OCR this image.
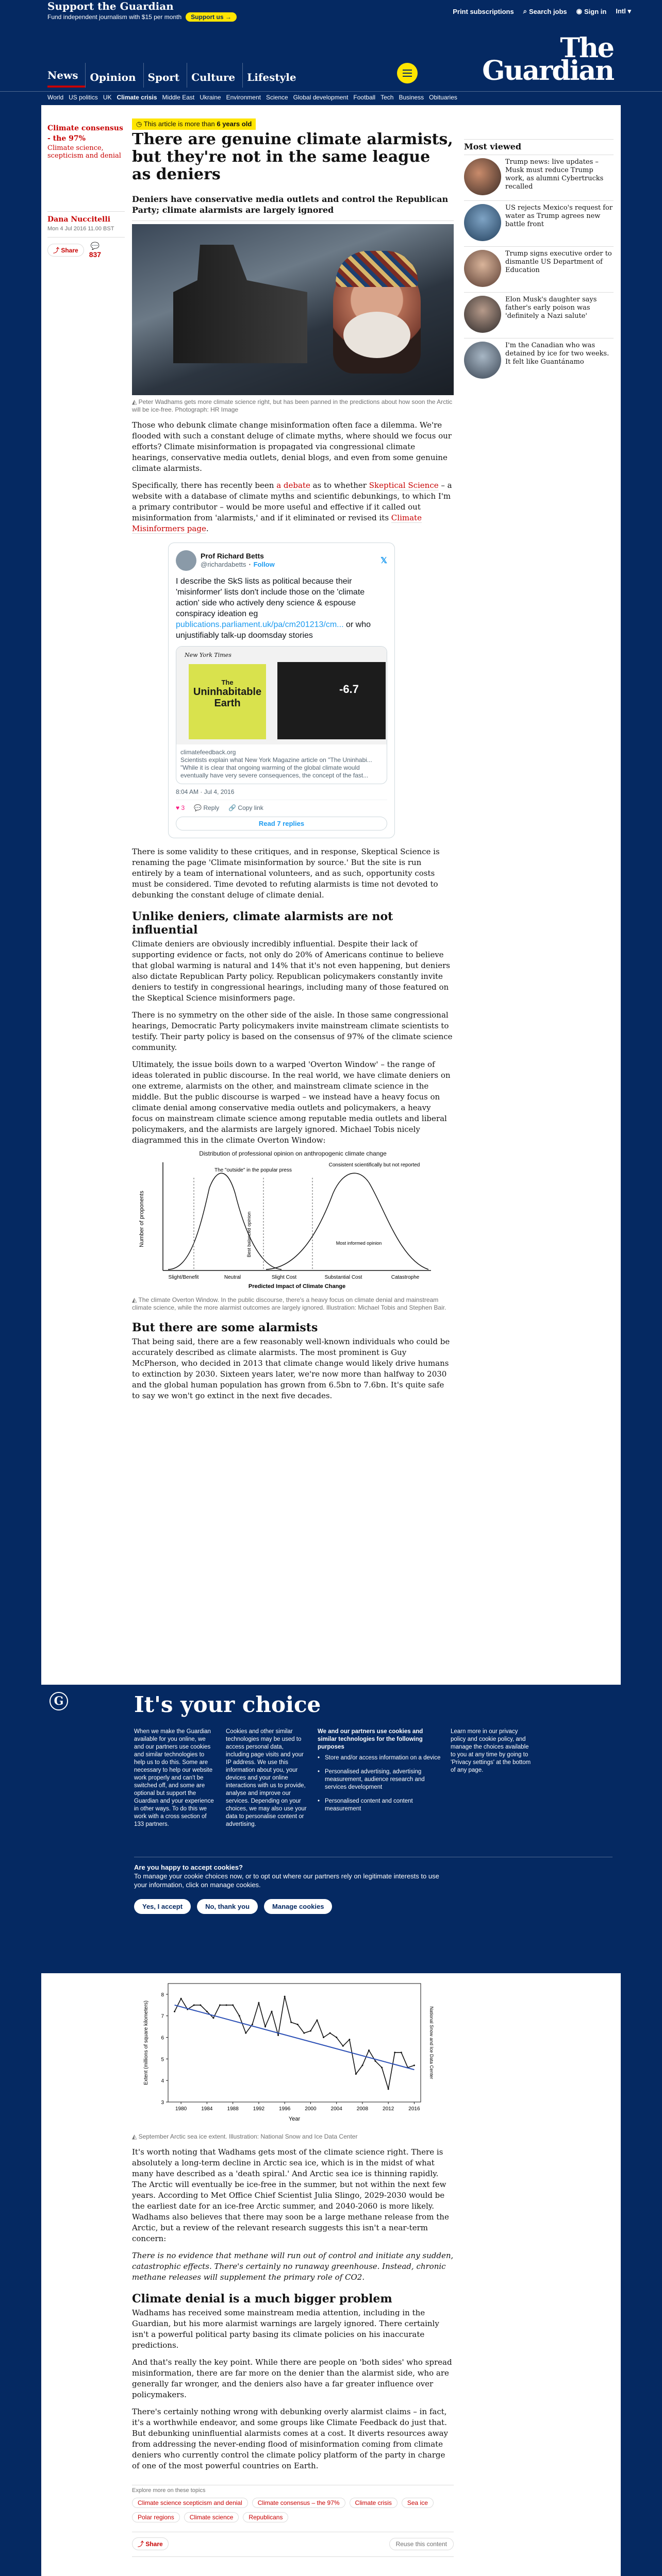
Support the Guardian

Fund independent journalism with $15 per month Support us →

Print subscriptions ⌕ Search jobs ◉ Sign in Intl ▾
The
Guardian
News	Opinion	Sport	Culture	Lifestyle
World US politics UK Climate crisis Middle East Ukraine Environment Science Global development Football Tech Business Obituaries
Climate consensus - the 97%
Climate science, scepticism and denial
Dana Nuccitelli
Mon 4 Jul 2016 11.00 BST
⤴ Share
💬
837
◷ This article is more than 6 years old
There are genuine climate alarmists, but they're not in the same league as deniers
Deniers have conservative media outlets and control the Republican Party; climate alarmists are largely ignored
◭ Peter Wadhams gets more climate science right, but has been panned in the predictions about how soon the Arctic will be ice-free. Photograph: HR Image

Those who debunk climate change misinformation often face a dilemma. We're flooded with such a constant deluge of climate myths, where should we focus our efforts? Climate misinformation is propagated via congressional climate hearings, conservative media outlets, denial blogs, and even from some genuine climate alarmists.

Specifically, there has recently been a debate as to whether Skeptical Science – a website with a database of climate myths and scientific debunkings, to which I'm a primary contributor – would be more useful and effective if it called out misinformation from 'alarmists,' and if it eliminated or revised its Climate Misinformers page.

Prof Richard Betts
@richardabetts · Follow	𝕏
I describe the SkS lists as political because their 'misinformer' lists don't include those on the 'climate action' side who actively deny science & espouse conspiracy ideation eg publications.parliament.uk/pa/cm201213/cm... or who unjustifiably talk-up doomsday stories
New York Times
The
Uninhabitable Earth
-6.7
climatefeedback.org
Scientists explain what New York Magazine article on "The Uninhabi...
"While it is clear that ongoing warming of the global climate would eventually have very severe consequences, the concept of the fast...
8:04 AM · Jul 4, 2016
♥ 3 💬 Reply 🔗 Copy link
Read 7 replies

There is some validity to these critiques, and in response, Skeptical Science is renaming the page 'Climate misinformation by source.' But the site is run entirely by a team of international volunteers, and as such, opportunity costs must be considered. Time devoted to refuting alarmists is time not devoted to debunking the constant deluge of climate denial.

Unlike deniers, climate alarmists are not influential

Climate deniers are obviously incredibly influential. Despite their lack of supporting evidence or facts, not only do 20% of Americans continue to believe that global warming is natural and 14% that it's not even happening, but deniers also dictate Republican Party policy. Republican policymakers constantly invite deniers to testify in congressional hearings, including many of those featured on the Skeptical Science misinformers page.

There is no symmetry on the other side of the aisle. In those same congressional hearings, Democratic Party policymakers invite mainstream climate scientists to testify. Their party policy is based on the consensus of 97% of the climate science community.

Ultimately, the issue boils down to a warped 'Overton Window' – the range of ideas tolerated in public discourse. In the real world, we have climate deniers on one extreme, alarmists on the other, and mainstream climate science in the middle. But the public discourse is warped – we instead have a heavy focus on climate denial among conservative media outlets and policymakers, a heavy focus on mainstream climate science among reputable media outlets and liberal policymakers, and the alarmists are largely ignored. Michael Tobis nicely diagrammed this in the climate Overton Window:

Distribution of professional opinion on anthropogenic climate change
Number of proponents
The "outside" in the popular press
Consistent scientifically but not reported
Best balanced opinion	Most informed opinion
Slight/Benefit	Neutral	Slight Cost	Substantial Cost	Catastrophe
Predicted Impact of Climate Change
◭ The climate Overton Window. In the public discourse, there's a heavy focus on climate denial and mainstream climate science, while the more alarmist outcomes are largely ignored. Illustration: Michael Tobis and Stephen Bair.
But there are some alarmists

That being said, there are a few reasonably well-known individuals who could be accurately described as climate alarmists. The most prominent is Guy McPherson, who decided in 2013 that climate change would likely drive humans to extinction by 2030. Sixteen years later, we're now more than halfway to 2030 and the global human population has grown from 6.5bn to 7.6bn. It's quite safe to say we won't go extinct in the next five decades.

Most viewed
Trump news: live updates – Musk must reduce Trump work, as alumni Cybertrucks recalled
US rejects Mexico's request for water as Trump agrees new battle front
Trump signs executive order to dismantle US Department of Education
Elon Musk's daughter says father's early poison was 'definitely a Nazi salute'
I'm the Canadian who was detained by ice for two weeks. It felt like Guantánamo
G	It's your choice
When we make the Guardian available for you online, we and our partners use cookies and similar technologies to help us to do this. Some are necessary to help our website work properly and can't be switched off, and some are optional but support the Guardian and your experience in other ways. To do this we work with a cross section of 133 partners.
Cookies and other similar technologies may be used to access personal data, including page visits and your IP address. We use this information about you, your devices and your online interactions with us to provide, analyse and improve our services. Depending on your choices, we may also use your data to personalise content or advertising.
We and our partners use cookies and similar technologies for the following purposes
• Store and/or access information on a device
• Personalised advertising, advertising measurement, audience research and services development
• Personalised content and content measurement
Learn more in our privacy policy and cookie policy, and manage the choices available to you at any time by going to 'Privacy settings' at the bottom of any page.
Are you happy to accept cookies?
To manage your cookie choices now, or to opt out where our partners rely on legitimate interests to use your information, click on manage cookies.
Yes, I accept	No, thank you	Manage cookies
3
4
5
6
7
8
1980	1984	1988	1992	1996	2000	2004	2008	2012	2016
Year
Extent (millions of square kilometers)	National Snow and Ice Data Center
◭ September Arctic sea ice extent. Illustration: National Snow and Ice Data Center

It's worth noting that Wadhams gets most of the climate science right. There is absolutely a long-term decline in Arctic sea ice, which is in the midst of what many have described as a 'death spiral.' And Arctic sea ice is thinning rapidly. The Arctic will eventually be ice-free in the summer, but not within the next few years. According to Met Office Chief Scientist Julia Slingo, 2029-2030 would be the earliest date for an ice-free Arctic summer, and 2040-2060 is more likely. Wadhams also believes that there may soon be a large methane release from the Arctic, but a review of the relevant research suggests this isn't a near-term concern:

There is no evidence that methane will run out of control and initiate any sudden, catastrophic effects. There's certainly no runaway greenhouse. Instead, chronic methane releases will supplement the primary role of CO2.

Climate denial is a much bigger problem

Wadhams has received some mainstream media attention, including in the Guardian, but his more alarmist warnings are largely ignored. There certainly isn't a powerful political party basing its climate policies on his inaccurate predictions.

And that's really the key point. While there are people on 'both sides' who spread misinformation, there are far more on the denier than the alarmist side, who are generally far wronger, and the deniers also have a far greater influence over policymakers.

There's certainly nothing wrong with debunking overly alarmist claims – in fact, it's a worthwhile endeavor, and some groups like Climate Feedback do just that. But debunking uninfluential alarmists comes at a cost. It diverts resources away from addressing the never-ending flood of misinformation coming from climate deniers who currently control the climate policy platform of the party in charge of one of the most powerful countries on Earth.

Explore more on these topics
Climate science scepticism and denial	Climate consensus – the 97%	Climate crisis	Sea ice
Polar regions	Climate science	Republicans
⤴ Share	Reuse this content
